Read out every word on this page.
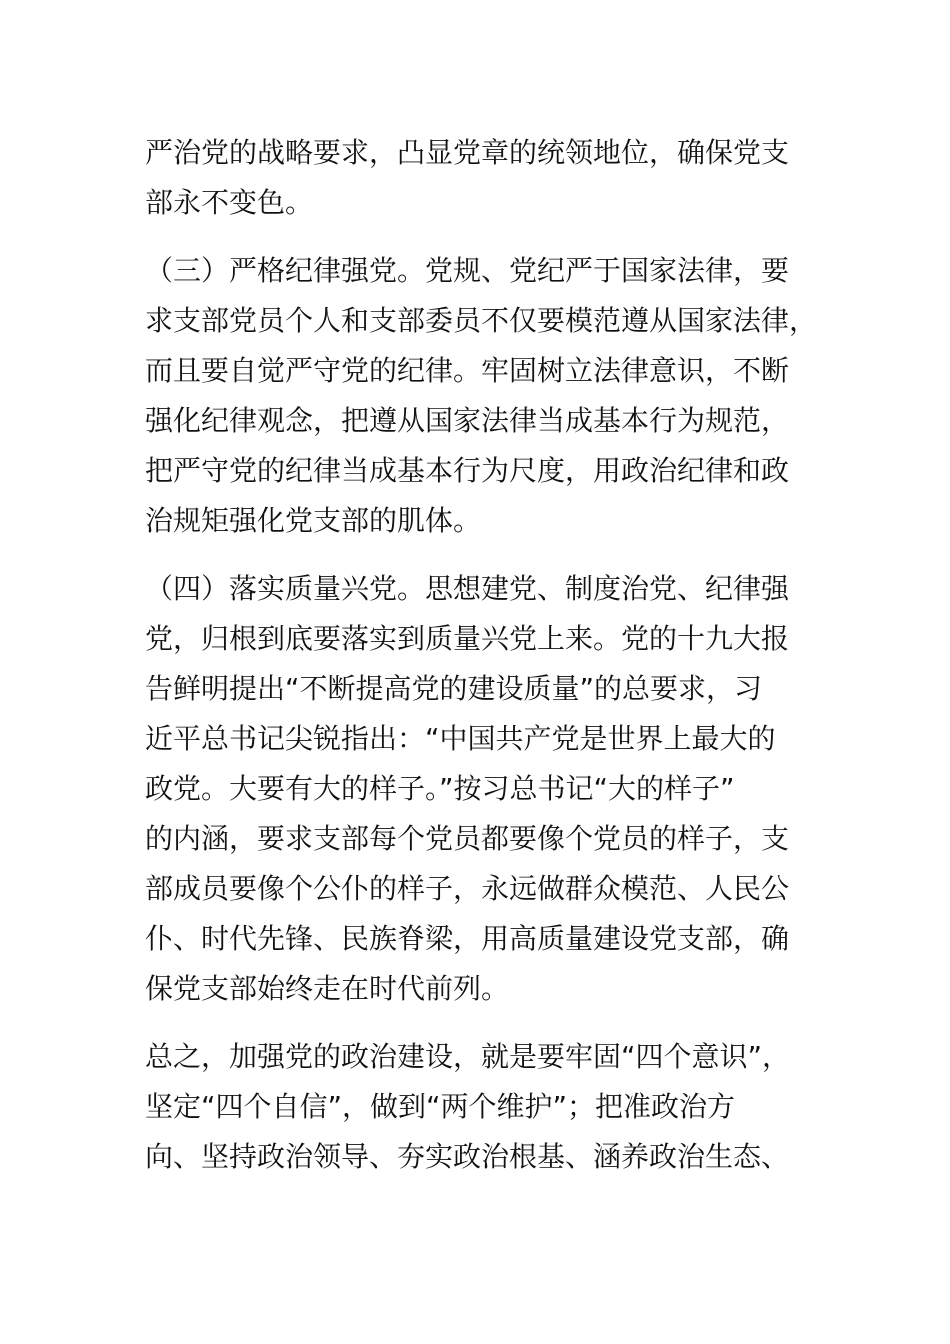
严治党的战略要求，凸显党章的统领地位，确保党支
部永不变色。

（三）严格纪律强党。党规、党纪严于国家法律，要
求支部党员个人和支部委员不仅要模范遵从国家法律，
而且要自觉严守党的纪律。牢固树立法律意识，不断
强化纪律观念，把遵从国家法律当成基本行为规范，
把严守党的纪律当成基本行为尺度，用政治纪律和政
治规矩强化党支部的肌体。

（四）落实质量兴党。思想建党、制度治党、纪律强
党，归根到底要落实到质量兴党上来。党的十九大报
告鲜明提出“不断提高党的建设质量”的总要求，习
近平总书记尖锐指出：“中国共产党是世界上最大的
政党。大要有大的样子。”按习总书记“大的样子”
的内涵，要求支部每个党员都要像个党员的样子，支
部成员要像个公仆的样子，永远做群众模范、人民公
仆、时代先锋、民族脊梁，用高质量建设党支部，确
保党支部始终走在时代前列。

总之，加强党的政治建设，就是要牢固“四个意识”，
坚定“四个自信”，做到“两个维护”；把准政治方
向、坚持政治领导、夯实政治根基、涵养政治生态、
